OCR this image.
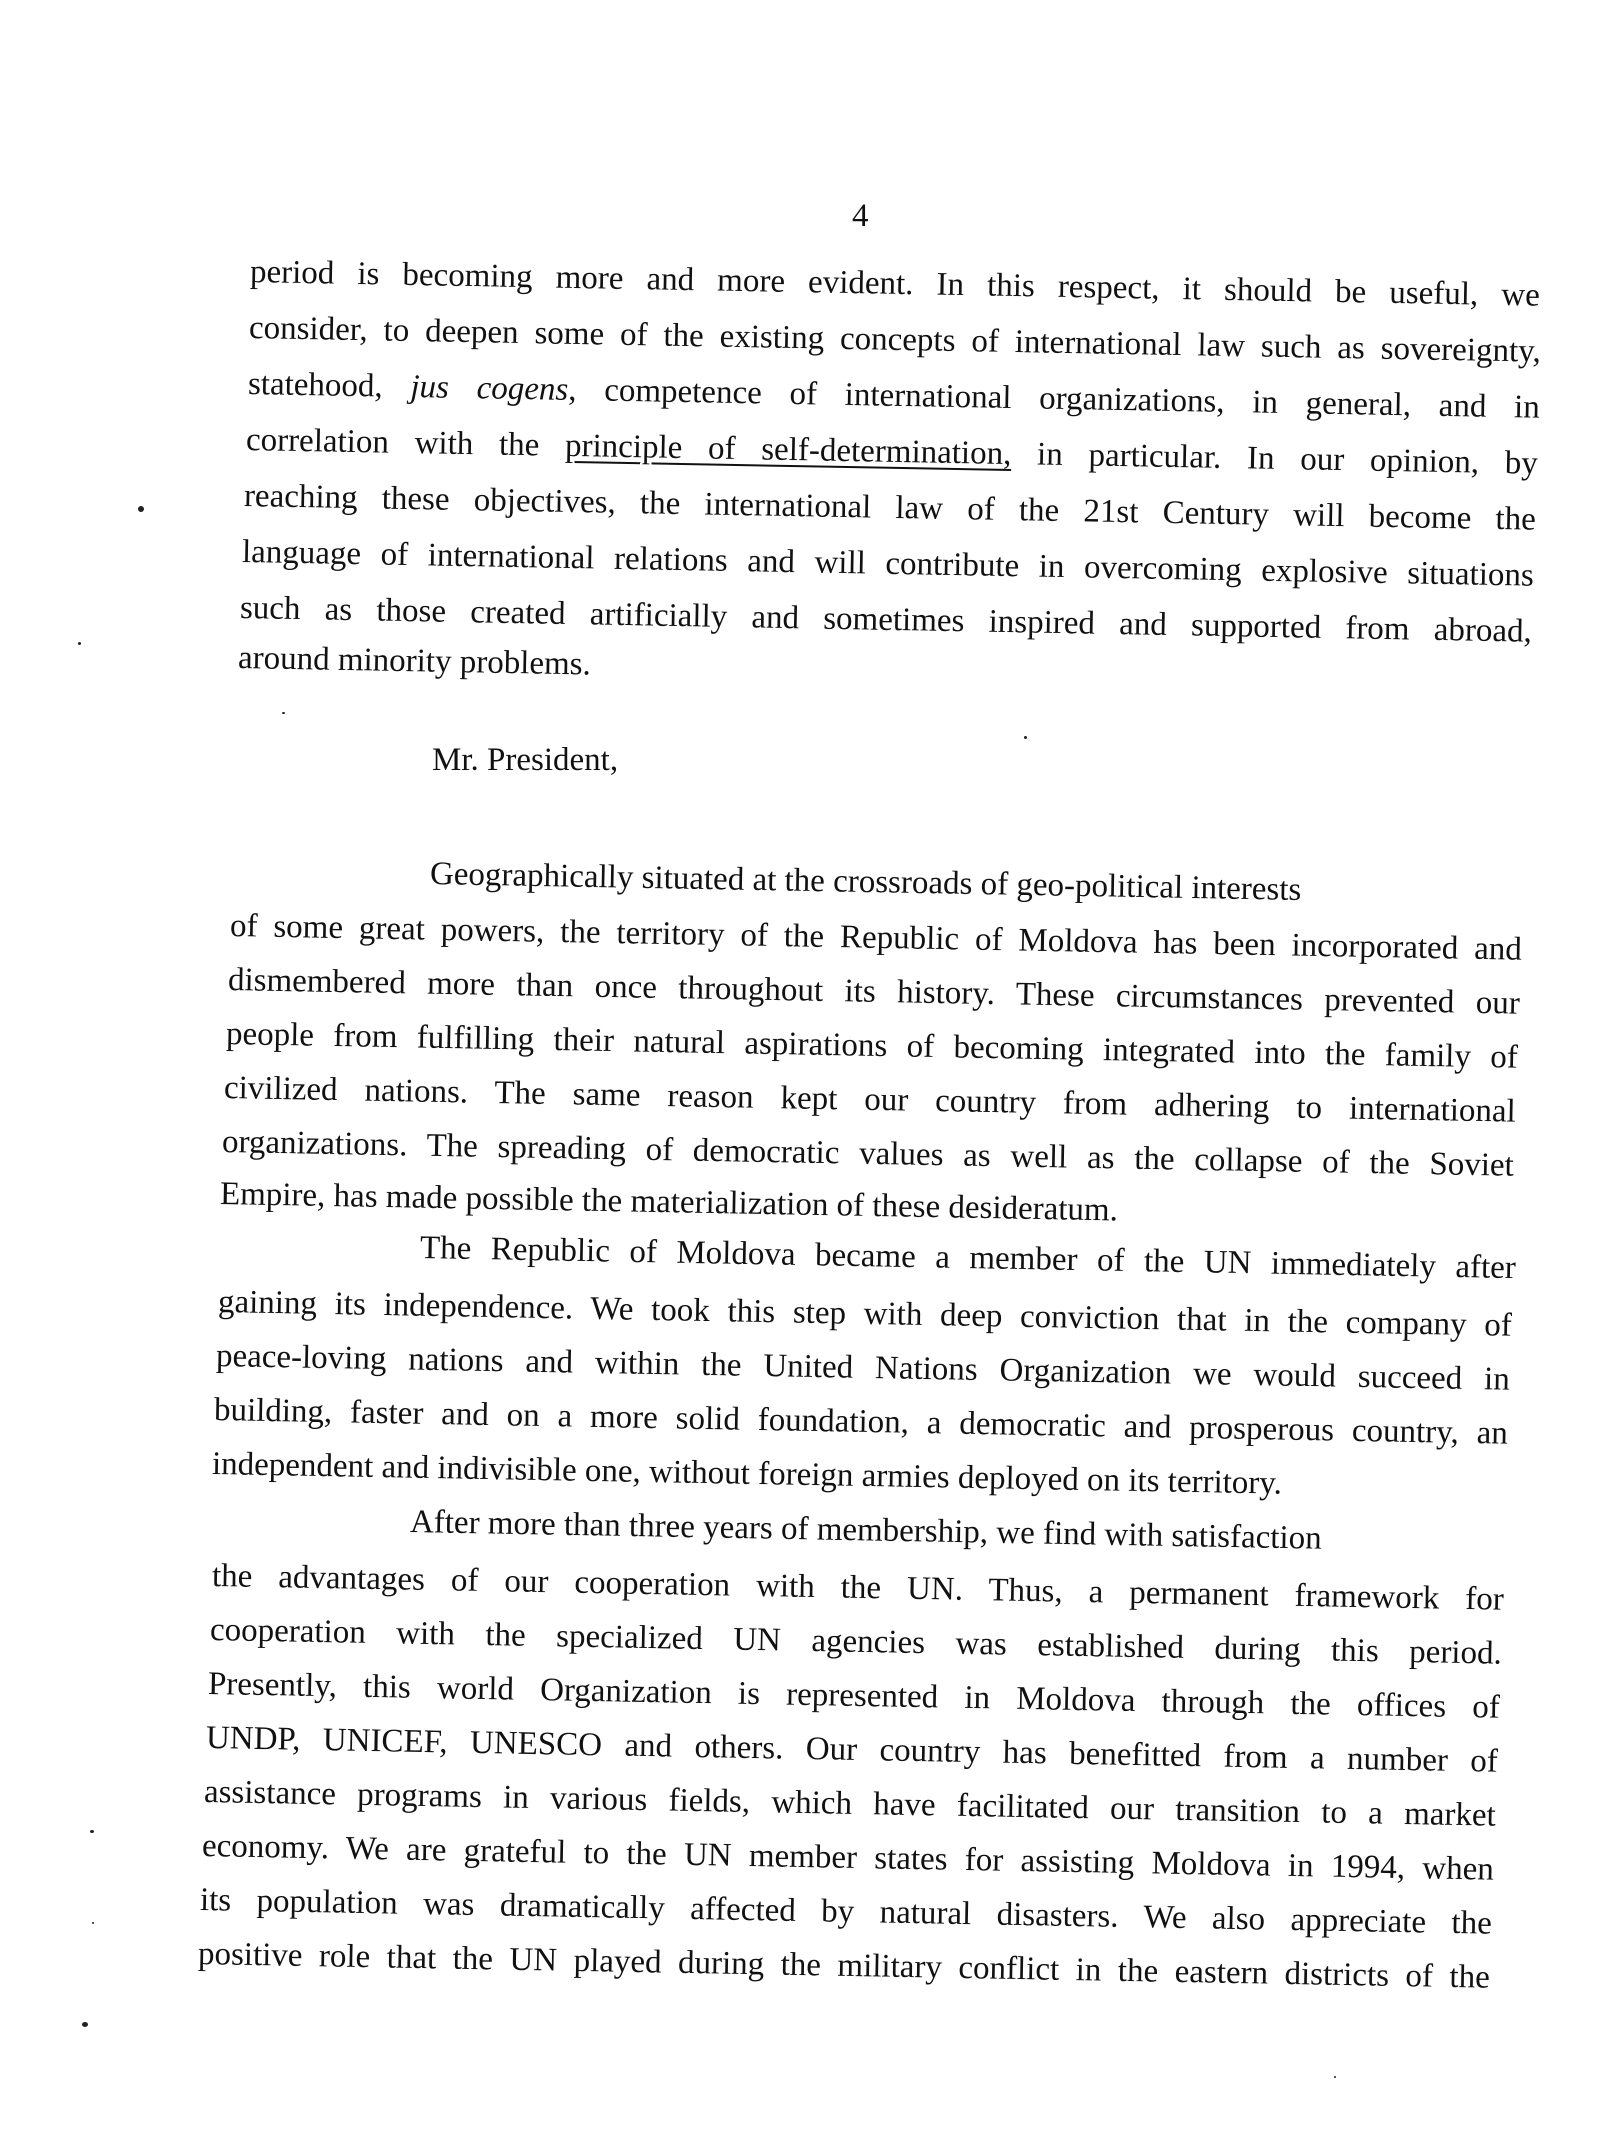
4
period is becoming more and more evident. In this respect, it should be useful, we
consider, to deepen some of the existing concepts of international law such as sovereignty,
statehood, jus cogens, competence of international organizations, in general, and in
correlation with the principle of self-determination, in particular. In our opinion, by
reaching these objectives, the international law of the 21st Century will become the
language of international relations and will contribute in overcoming explosive situations
such as those created artificially and sometimes inspired and supported from abroad,
around minority problems.
Mr. President,
Geographically situated at the crossroads of geo-political interests
of some great powers, the territory of the Republic of Moldova has been incorporated and
dismembered more than once throughout its history. These circumstances prevented our
people from fulfilling their natural aspirations of becoming integrated into the family of
civilized nations. The same reason kept our country from adhering to international
organizations. The spreading of democratic values as well as the collapse of the Soviet
Empire, has made possible the materialization of these desideratum.
The Republic of Moldova became a member of the UN immediately after
gaining its independence. We took this step with deep conviction that in the company of
peace-loving nations and within the United Nations Organization we would succeed in
building, faster and on a more solid foundation, a democratic and prosperous country, an
independent and indivisible one, without foreign armies deployed on its territory.
After more than three years of membership, we find with satisfaction
the advantages of our cooperation with the UN. Thus, a permanent framework for
cooperation with the specialized UN agencies was established during this period.
Presently, this world Organization is represented in Moldova through the offices of
UNDP, UNICEF, UNESCO and others. Our country has benefitted from a number of
assistance programs in various fields, which have facilitated our transition to a market
economy. We are grateful to the UN member states for assisting Moldova in 1994, when
its population was dramatically affected by natural disasters. We also appreciate the
positive role that the UN played during the military conflict in the eastern districts of the
